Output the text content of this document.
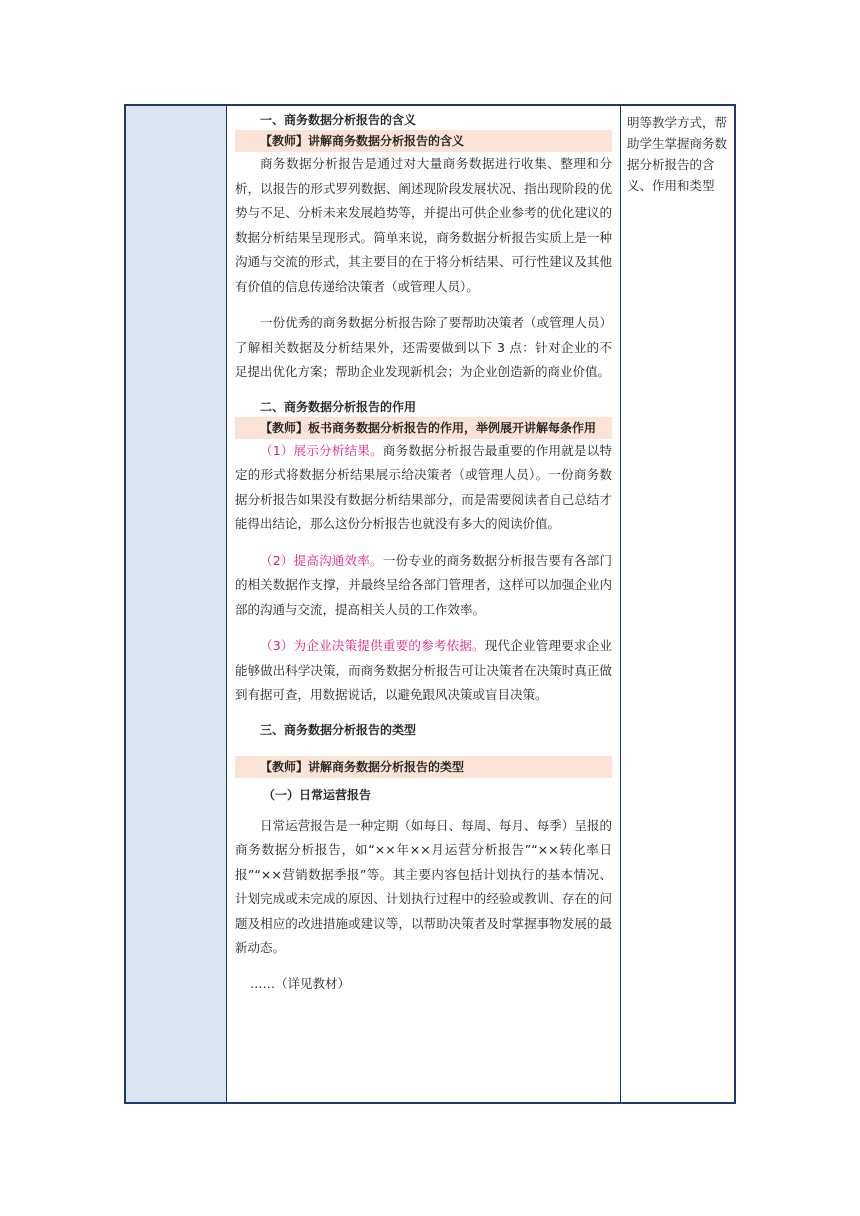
一、商务数据分析报告的含义

【教师】讲解商务数据分析报告的含义

商务数据分析报告是通过对大量商务数据进行收集、整理和分析，以报告的形式罗列数据、阐述现阶段发展状况、指出现阶段的优势与不足、分析未来发展趋势等，并提出可供企业参考的优化建议的数据分析结果呈现形式。简单来说，商务数据分析报告实质上是一种沟通与交流的形式，其主要目的在于将分析结果、可行性建议及其他有价值的信息传递给决策者（或管理人员）。

一份优秀的商务数据分析报告除了要帮助决策者（或管理人员）了解相关数据及分析结果外，还需要做到以下 3 点：针对企业的不足提出优化方案；帮助企业发现新机会；为企业创造新的商业价值。

二、商务数据分析报告的作用

【教师】板书商务数据分析报告的作用，举例展开讲解每条作用

（1）展示分析结果。商务数据分析报告最重要的作用就是以特定的形式将数据分析结果展示给决策者（或管理人员）。一份商务数据分析报告如果没有数据分析结果部分，而是需要阅读者自己总结才能得出结论，那么这份分析报告也就没有多大的阅读价值。

（2）提高沟通效率。一份专业的商务数据分析报告要有各部门的相关数据作支撑，并最终呈给各部门管理者，这样可以加强企业内部的沟通与交流，提高相关人员的工作效率。

（3）为企业决策提供重要的参考依据。现代企业管理要求企业能够做出科学决策，而商务数据分析报告可让决策者在决策时真正做到有据可查，用数据说话，以避免跟风决策或盲目决策。

三、商务数据分析报告的类型

【教师】讲解商务数据分析报告的类型

（一）日常运营报告

日常运营报告是一种定期（如每日、每周、每月、每季）呈报的商务数据分析报告，如“××年××月运营分析报告”“××转化率日报”“××营销数据季报”等。其主要内容包括计划执行的基本情况、计划完成或未完成的原因、计划执行过程中的经验或教训、存在的问题及相应的改进措施或建议等，以帮助决策者及时掌握事物发展的最新动态。

……（详见教材）

明等教学方式，帮助学生掌握商务数据分析报告的含义、作用和类型
